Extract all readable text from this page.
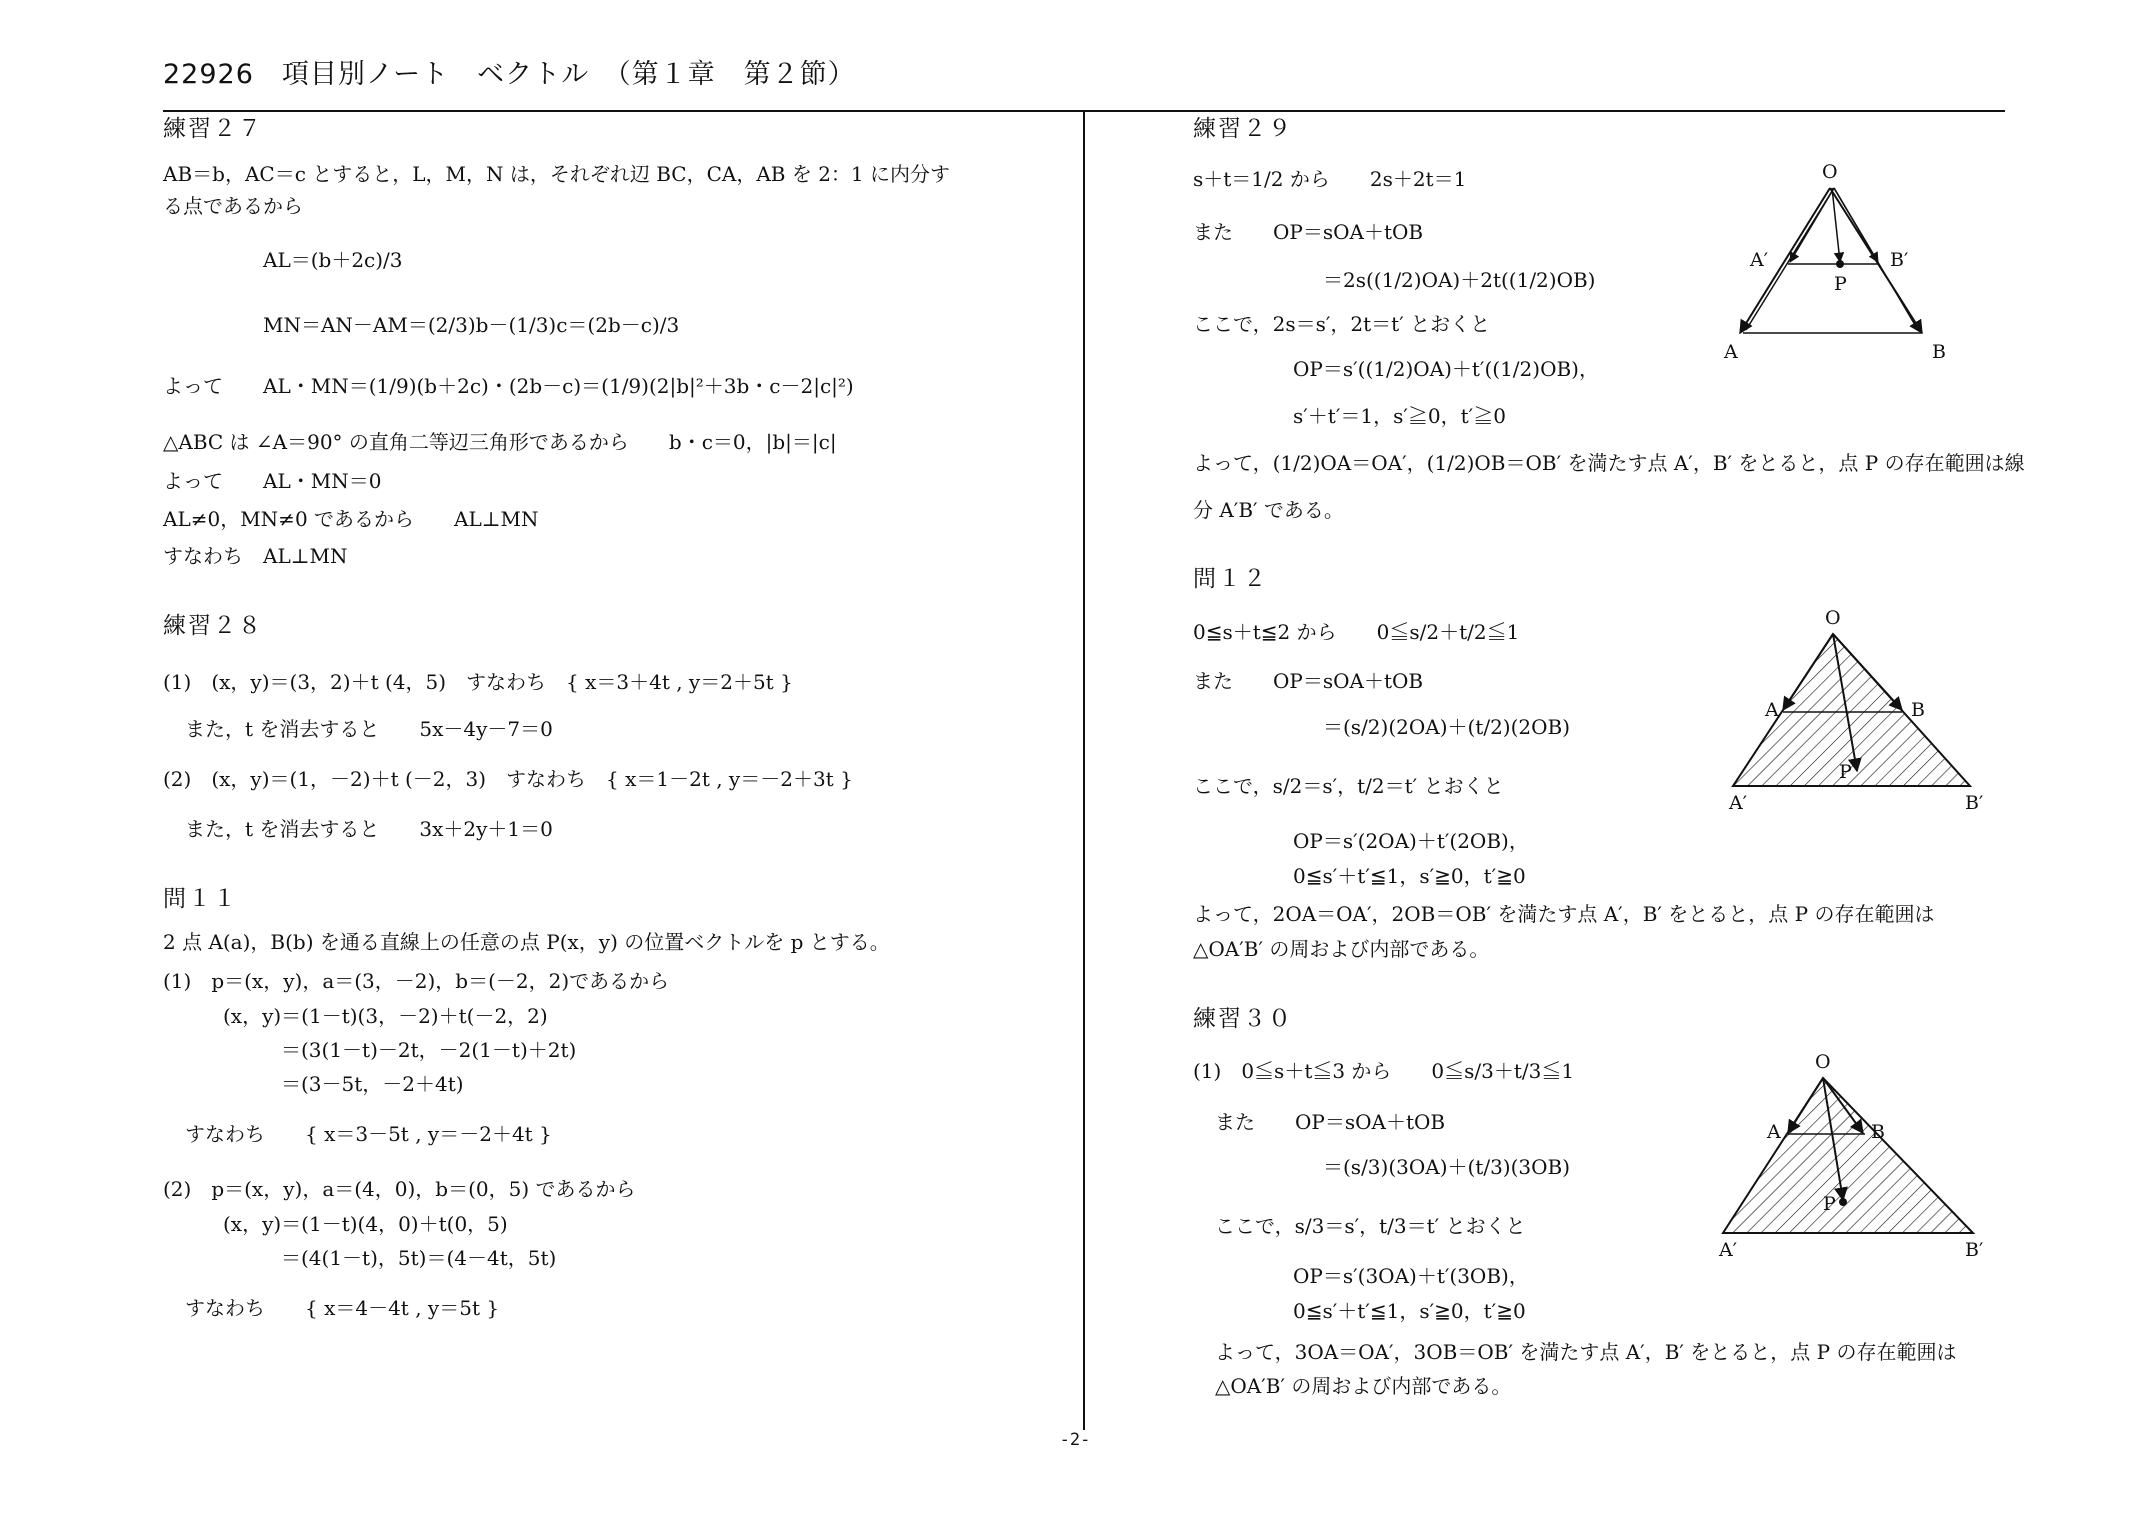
22926　項目別ノート　ベクトル　（第１章　第２節）
練習２７
AB＝b，AC＝c とすると，L，M，N は，それぞれ辺 BC，CA，AB を 2：1 に内分す
る点であるから
AL＝(b＋2c)/3
MN＝AN－AM＝(2/3)b－(1/3)c＝(2b－c)/3
よって　　AL・MN＝(1/9)(b＋2c)・(2b－c)＝(1/9)(2|b|²＋3b・c－2|c|²)
△ABC は ∠A＝90° の直角二等辺三角形であるから　　b・c＝0，|b|＝|c|
よって　　AL・MN＝0
AL≠0，MN≠0 であるから　　AL⊥MN
すなわち　AL⊥MN
練習２８
(1)　(x，y)＝(3，2)＋t (4，5)　すなわち　{ x＝3＋4t , y＝2＋5t }
また，t を消去すると　　5x－4y－7＝0
(2)　(x，y)＝(1，－2)＋t (－2，3)　すなわち　{ x＝1－2t , y＝－2＋3t }
また，t を消去すると　　3x＋2y＋1＝0
問１１
2 点 A(a)，B(b) を通る直線上の任意の点 P(x，y) の位置ベクトルを p とする。
(1)　p＝(x，y)，a＝(3，－2)，b＝(－2，2)であるから
(x，y)＝(1－t)(3，－2)＋t(－2，2)
＝(3(1－t)－2t，－2(1－t)＋2t)
＝(3－5t，－2＋4t)
すなわち　　{ x＝3－5t , y＝－2＋4t }
(2)　p＝(x，y)，a＝(4，0)，b＝(0，5) であるから
(x，y)＝(1－t)(4，0)＋t(0，5)
＝(4(1－t)，5t)＝(4－4t，5t)
すなわち　　{ x＝4－4t , y＝5t }
練習２９
s＋t＝1/2 から　　2s＋2t＝1
また　　OP＝sOA＋tOB
＝2s((1/2)OA)＋2t((1/2)OB)
ここで，2s＝s′，2t＝t′ とおくと
OP＝s′((1/2)OA)＋t′((1/2)OB)，
s′＋t′＝1，s′≧0，t′≧0
よって，(1/2)OA＝OA′，(1/2)OB＝OB′ を満たす点 A′，B′ をとると，点 P の存在範囲は線
分 A′B′ である。
問１２
0≦s＋t≦2 から　　0≦s/2＋t/2≦1
また　　OP＝sOA＋tOB
＝(s/2)(2OA)＋(t/2)(2OB)
ここで，s/2＝s′，t/2＝t′ とおくと
OP＝s′(2OA)＋t′(2OB)，
0≦s′＋t′≦1，s′≧0，t′≧0
よって，2OA＝OA′，2OB＝OB′ を満たす点 A′，B′ をとると，点 P の存在範囲は
△OA′B′ の周および内部である。
練習３０
(1)　0≦s＋t≦3 から　　0≦s/3＋t/3≦1
また　　OP＝sOA＋tOB
＝(s/3)(3OA)＋(t/3)(3OB)
ここで，s/3＝s′，t/3＝t′ とおくと
OP＝s′(3OA)＋t′(3OB)，
0≦s′＋t′≦1，s′≧0，t′≧0
よって，3OA＝OA′，3OB＝OB′ を満たす点 A′，B′ をとると，点 P の存在範囲は
△OA′B′ の周および内部である。
O
A	B
A′	B′
P
O
A	B
A′	B′
P
O
A	B
A′	B′
P
-2-
